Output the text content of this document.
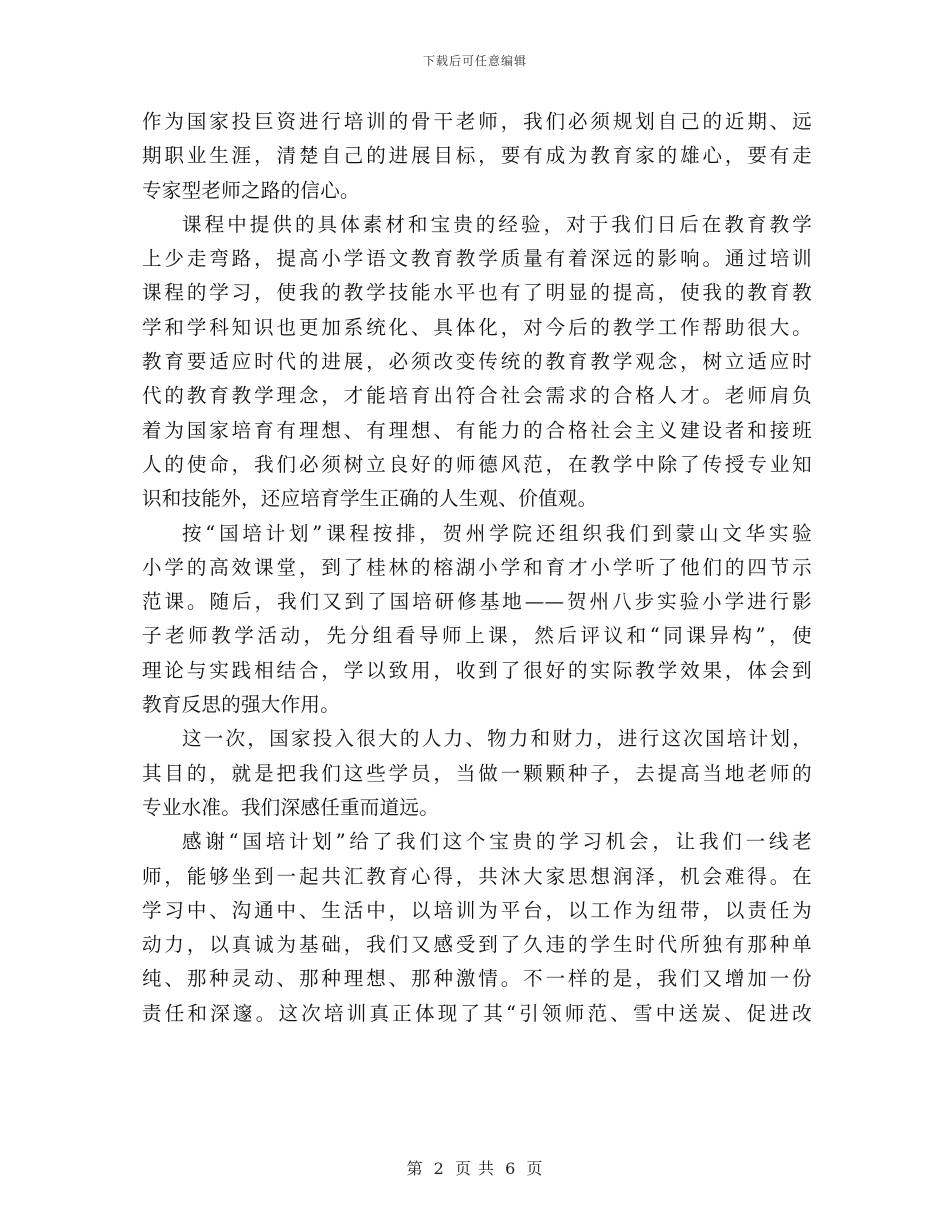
下载后可任意编辑
作为国家投巨资进行培训的骨干老师，我们必须规划自己的近期、远
期职业生涯，清楚自己的进展目标，要有成为教育家的雄心，要有走
专家型老师之路的信心。
课程中提供的具体素材和宝贵的经验，对于我们日后在教育教学
上少走弯路，提高小学语文教育教学质量有着深远的影响。通过培训
课程的学习，使我的教学技能水平也有了明显的提高，使我的教育教
学和学科知识也更加系统化、具体化，对今后的教学工作帮助很大。
教育要适应时代的进展，必须改变传统的教育教学观念，树立适应时
代的教育教学理念，才能培育出符合社会需求的合格人才。老师肩负
着为国家培育有理想、有理想、有能力的合格社会主义建设者和接班
人的使命，我们必须树立良好的师德风范，在教学中除了传授专业知
识和技能外，还应培育学生正确的人生观、价值观。
按“国培计划”课程按排，贺州学院还组织我们到蒙山文华实验
小学的高效课堂，到了桂林的榕湖小学和育才小学听了他们的四节示
范课。随后，我们又到了国培研修基地——贺州八步实验小学进行影
子老师教学活动，先分组看导师上课，然后评议和“同课异构”，使
理论与实践相结合，学以致用，收到了很好的实际教学效果，体会到
教育反思的强大作用。
这一次，国家投入很大的人力、物力和财力，进行这次国培计划，
其目的，就是把我们这些学员，当做一颗颗种子，去提高当地老师的
专业水准。我们深感任重而道远。
感谢“国培计划”给了我们这个宝贵的学习机会，让我们一线老
师，能够坐到一起共汇教育心得，共沐大家思想润泽，机会难得。在
学习中、沟通中、生活中，以培训为平台，以工作为纽带，以责任为
动力，以真诚为基础，我们又感受到了久违的学生时代所独有那种单
纯、那种灵动、那种理想、那种激情。不一样的是，我们又增加一份
责任和深邃。这次培训真正体现了其“引领师范、雪中送炭、促进改
第 2 页 共 6 页
